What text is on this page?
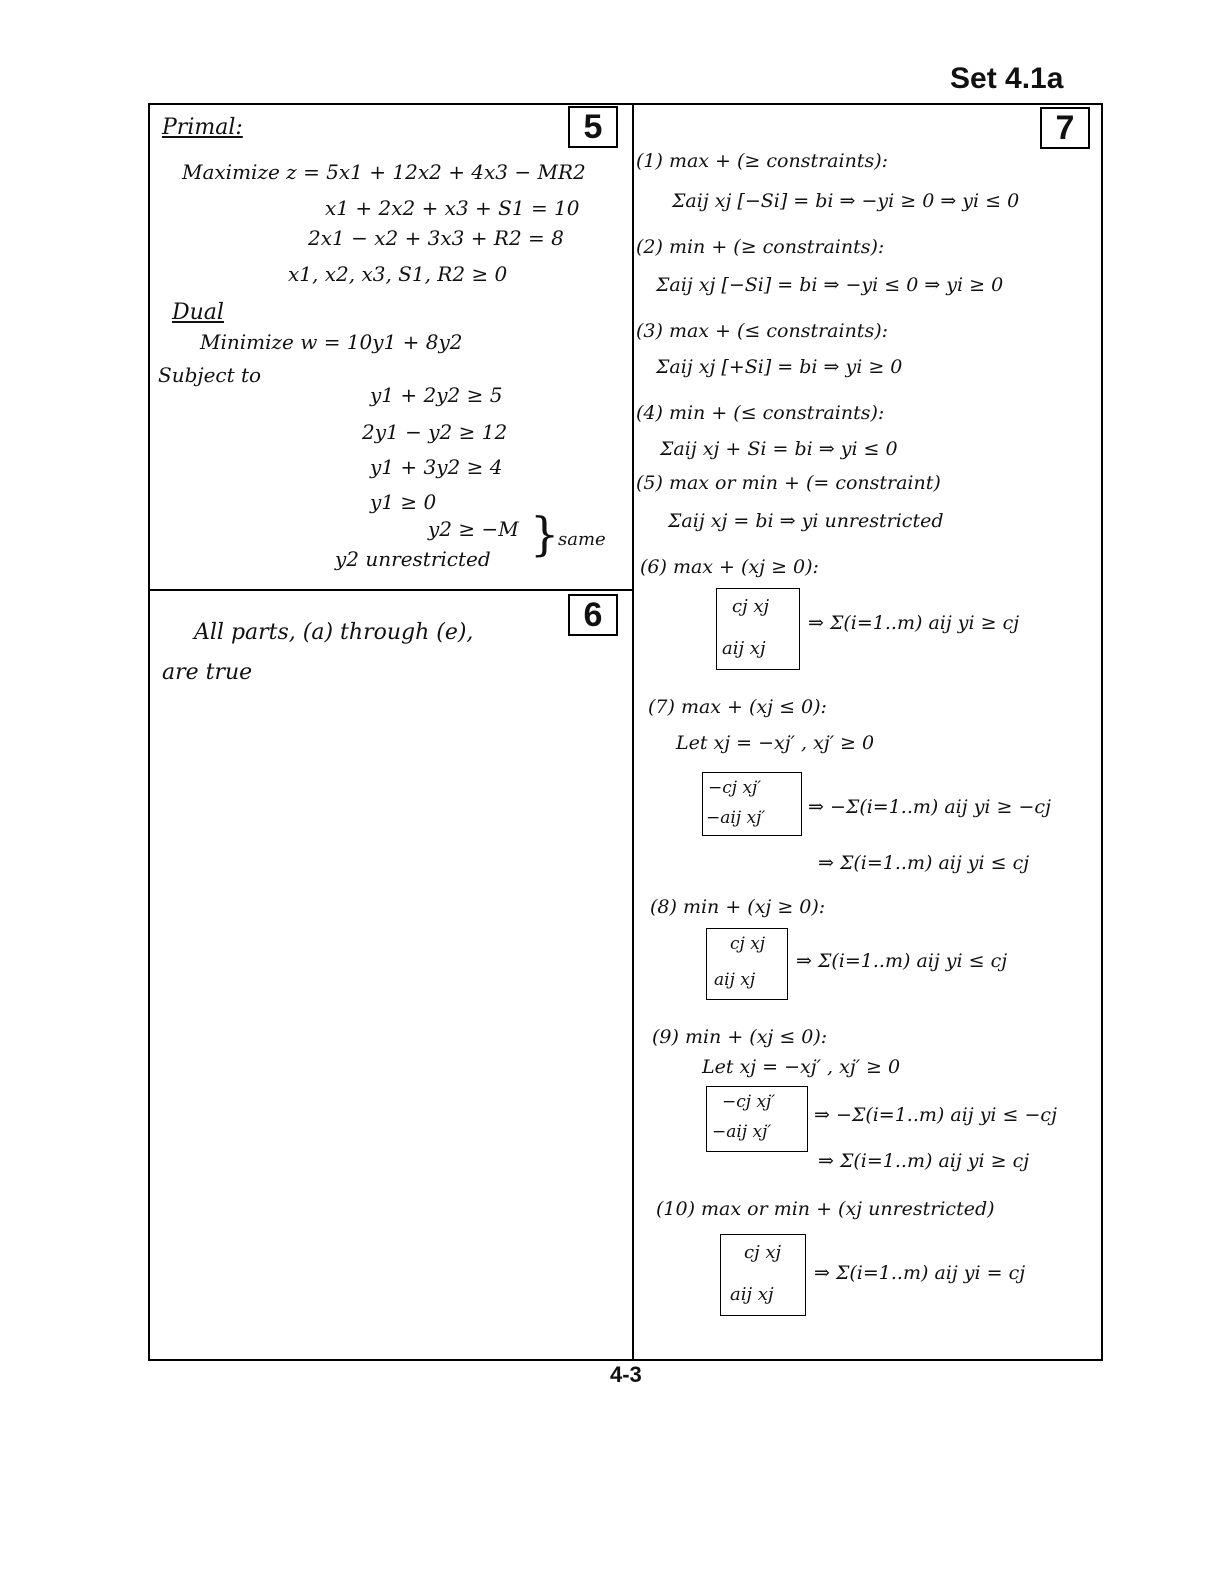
Set 4.1a
5
Primal:
Maximize z = 5x1 + 12x2 + 4x3 − MR2
x1 + 2x2 + x3 + S1 = 10
2x1 − x2 + 3x3 + R2 = 8
x1, x2, x3, S1, R2 ≥ 0
Dual
Minimize w = 10y1 + 8y2
Subject to
y1 + 2y2 ≥ 5
2y1 − y2 ≥ 12
y1 + 3y2 ≥ 4
y1 ≥ 0
y2 ≥ −M
y2 unrestricted }
same
6
All parts, (a) through (e),
are true
7
(1) max + (≥ constraints):
Σaij xj [−Si] = bi ⇒ −yi ≥ 0 ⇒ yi ≤ 0
(2) min + (≥ constraints):
Σaij xj [−Si] = bi ⇒ −yi ≤ 0 ⇒ yi ≥ 0
(3) max + (≤ constraints):
Σaij xj [+Si] = bi ⇒ yi ≥ 0
(4) min + (≤ constraints):
Σaij xj + Si = bi ⇒ yi ≤ 0
(5) max or min + (= constraint)
Σaij xj = bi ⇒ yi unrestricted
(6) max + (xj ≥ 0):
cj xj
aij xj
⇒ Σ(i=1..m) aij yi ≥ cj
(7) max + (xj ≤ 0):
Let xj = −xj′ , xj′ ≥ 0
−cj xj′
−aij xj′ ⇒ −Σ(i=1..m) aij yi ≥ −cj
⇒ Σ(i=1..m) aij yi ≤ cj
(8) min + (xj ≥ 0):
cj xj
aij xj
⇒ Σ(i=1..m) aij yi ≤ cj
(9) min + (xj ≤ 0):
Let xj = −xj′ , xj′ ≥ 0
−cj xj′
−aij xj′
⇒ −Σ(i=1..m) aij yi ≤ −cj
⇒ Σ(i=1..m) aij yi ≥ cj
(10) max or min + (xj unrestricted)
cj xj
aij xj
⇒ Σ(i=1..m) aij yi = cj
4-3
